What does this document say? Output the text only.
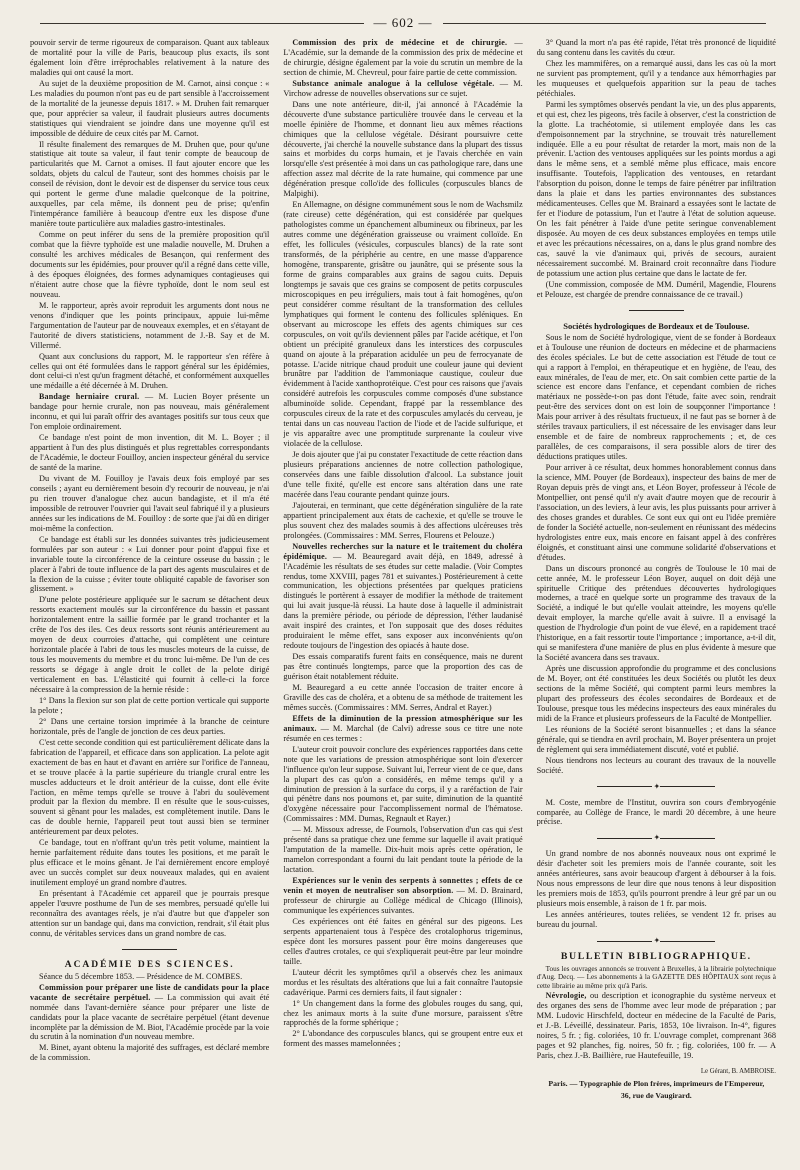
— 602 —

pouvoir servir de terme rigoureux de comparaison. Quant aux tableaux de mortalité pour la ville de Paris, beaucoup plus exacts, ils sont également loin d'être irréprochables relativement à la nature des maladies qui ont causé la mort.

Au sujet de la deuxième proposition de M. Carnot, ainsi conçue : « Les maladies du poumon n'ont pas eu de part sensible à l'accroissement de la mortalité de la jeunesse depuis 1817. » M. Druhen fait remarquer que, pour apprécier sa valeur, il faudrait plusieurs autres documents statistiques qui viendraient se joindre dans une moyenne qu'il est impossible de déduire de ceux cités par M. Carnot.

Il résulte finalement des remarques de M. Druhen que, pour qu'une statistique ait toute sa valeur, il faut tenir compte de beaucoup de particularités que M. Carnot a omises. Il faut ajouter encore que les soldats, objets du calcul de l'auteur, sont des hommes choisis par le conseil de révision, dont le devoir est de dispenser du service tous ceux qui portent le germe d'une maladie quelconque de la poitrine, auxquelles, par cela même, ils donnent peu de prise; qu'enfin l'intempérance familière à beaucoup d'entre eux les dispose d'une manière toute particulière aux maladies gastro-intestinales.

Comme on peut inférer du sens de la première proposition qu'il combat que la fièvre typhoïde est une maladie nouvelle, M. Druhen a consulté les archives médicales de Besançon, qui renferment des documents sur les épidémies, pour prouver qu'il a régné dans cette ville, à des époques éloignées, des formes adynamiques contagieuses qui n'étaient autre chose que la fièvre typhoïde, dont le nom seul est nouveau.

M. le rapporteur, après avoir reproduit les arguments dont nous ne venons d'indiquer que les points principaux, appuie lui-même l'argumentation de l'auteur par de nouveaux exemples, et en s'étayant de l'autorité de divers statisticiens, notamment de J.-B. Say et de M. Villermé.

Quant aux conclusions du rapport, M. le rapporteur s'en réfère à celles qui ont été formulées dans le rapport général sur les épidémies, dont celui-ci n'est qu'un fragment détaché, et conformément auxquelles une médaille a été décernée à M. Druhen.

Bandage herniaire crural. — M. Lucien Boyer présente un bandage pour hernie crurale, non pas nouveau, mais généralement inconnu, et qui lui paraît offrir des avantages positifs sur tous ceux que l'on emploie ordinairement.

Ce bandage n'est point de mon invention, dit M. L. Boyer ; il appartient à l'un des plus distingués et plus regrettables correspondants de l'Académie, le docteur Fouilloy, ancien inspecteur général du service de santé de la marine.

Du vivant de M. Fouilloy je l'avais deux fois employé par ses conseils ; ayant eu dernièrement besoin d'y recourir de nouveau, je n'ai pu rien trouver d'analogue chez aucun bandagiste, et il m'a été impossible de retrouver l'ouvrier qui l'avait seul fabriqué il y a plusieurs années sur les indications de M. Fouilloy : de sorte que j'ai dû en diriger moi-même la confection.

Ce bandage est établi sur les données suivantes très judicieusement formulées par son auteur : « Lui donner pour point d'appui fixe et invariable toute la circonférence de la ceinture osseuse du bassin ; le placer à l'abri de toute influence de la part des agents musculaires et de la flexion de la cuisse ; éviter toute obliquité capable de favoriser son glissement. »

D'une pelote postérieure appliquée sur le sacrum se détachent deux ressorts exactement moulés sur la circonférence du bassin et passant horizontalement entre la saillie formée par le grand trochanter et la crête de l'os des iles. Ces deux ressorts sont réunis antérieurement au moyen de deux courroies d'attache, qui complètent une ceinture horizontale placée à l'abri de tous les muscles moteurs de la cuisse, de tous les mouvements du membre et du tronc lui-même. De l'un de ces ressorts se dégage à angle droit le collet de la pelote dirigé verticalement en bas. L'élasticité qui fournit à celle-ci la force nécessaire à la compression de la hernie réside :

1° Dans la flexion sur son plat de cette portion verticale qui supporte la pelote ;

2° Dans une certaine torsion imprimée à la branche de ceinture horizontale, près de l'angle de jonction de ces deux parties.

C'est cette seconde condition qui est particulièrement délicate dans la fabrication de l'appareil, et efficace dans son application. La pelote agit exactement de bas en haut et d'avant en arrière sur l'orifice de l'anneau, et se trouve placée à la partie supérieure du triangle crural entre les muscles adducteurs et le droit antérieur de la cuisse, dont elle évite l'action, en même temps qu'elle se trouve à l'abri du soulèvement produit par la flexion du membre. Il en résulte que le sous-cuisses, souvent si gênant pour les malades, est complètement inutile. Dans le cas de double hernie, l'appareil peut tout aussi bien se terminer antérieurement par deux pelotes.

Ce bandage, tout en n'offrant qu'un très petit volume, maintient la hernie parfaitement réduite dans toutes les positions, et me paraît le plus efficace et le moins gênant. Je l'ai dernièrement encore employé avec un succès complet sur deux nouveaux malades, qui en avaient inutilement employé un grand nombre d'autres.

En présentant à l'Académie cet appareil que je pourrais presque appeler l'œuvre posthume de l'un de ses membres, persuadé qu'elle lui reconnaîtra des avantages réels, je n'ai d'autre but que d'appeler son attention sur un bandage qui, dans ma conviction, rendrait, s'il était plus connu, de véritables services dans un grand nombre de cas.

ACADÉMIE DES SCIENCES.

Séance du 5 décembre 1853. — Présidence de M. COMBES.

Commission pour préparer une liste de candidats pour la place vacante de secrétaire perpétuel. — La commission qui avait été nommée dans l'avant-dernière séance pour préparer une liste de candidats pour la place vacante de secrétaire perpétuel (étant devenue incomplète par la démission de M. Biot, l'Académie procède par la voie du scrutin à la nomination d'un nouveau membre.

M. Binet, ayant obtenu la majorité des suffrages, est déclaré membre de la commission.

Commission des prix de médecine et de chirurgie. — L'Académie, sur la demande de la commission des prix de médecine et de chirurgie, désigne également par la voie du scrutin un membre de la section de chimie, M. Chevreul, pour faire partie de cette commission.

Substance animale analogue à la cellulose végétale. — M. Virchow adresse de nouvelles observations sur ce sujet.

Dans une note antérieure, dit-il, j'ai annoncé à l'Académie la découverte d'une substance particulière trouvée dans le cerveau et la moelle épinière de l'homme, et donnant lieu aux mêmes réactions chimiques que la cellulose végétale. Désirant poursuivre cette découverte, j'ai cherché la nouvelle substance dans la plupart des tissus sains et morbides du corps humain, et je l'avais cherchée en vain lorsqu'elle s'est présentée à moi dans un cas pathologique rare, dans une affection assez mal décrite de la rate humaine, qui commence par une dégénération presque collo'ide des follicules (corpuscules blancs de Malpighi).

En Allemagne, on désigne communément sous le nom de Wachsmilz (rate cireuse) cette dégénération, qui est considérée par quelques pathologistes comme un épanchement albumineux ou fibrineux, par les autres comme une dégénération graisseuse ou vraiment colloïde. En effet, les follicules (vésicules, corpuscules blancs) de la rate sont transformés, de la périphérie au centre, en une masse d'apparence homogène, transparente, grisâtre ou jaunâtre, qui se présente sous la forme de grains comparables aux grains de sagou cuits. Depuis longtemps je savais que ces grains se composent de petits corpuscules microscopiques en peu irréguliers, mais tout à fait homogènes, qu'on peut considérer comme résultant de la transformation des cellules lymphatiques qui forment le contenu des follicules spléniques. En observant au microscope les effets des agents chimiques sur ces corpuscules, on voit qu'ils deviennent pâles par l'acide acétique, et l'on obtient un précipité granuleux dans les interstices des corpuscules quand on ajoute à la préparation acidulée un peu de ferrocyanate de potasse. L'acide nitrique chaud produit une couleur jaune qui devient brunâtre par l'addition de l'ammoniaque caustique, couleur due évidemment à l'acide xanthoprotéique. C'est pour ces raisons que j'avais considéré autrefois les corpuscules comme composés d'une substance albuminoïde solide. Cependant, frappé par la ressemblance des corpuscules cireux de la rate et des corpuscules amylacés du cerveau, je tentai dans un cas nouveau l'action de l'iode et de l'acide sulfurique, et je vis apparaître avec une promptitude surprenante la couleur vive violacée de la cellulose.

Je dois ajouter que j'ai pu constater l'exactitude de cette réaction dans plusieurs préparations anciennes de notre collection pathologique, conservées dans une faible dissolution d'alcool. La substance jouit d'une telle fixité, qu'elle est encore sans altération dans une rate macérée dans l'eau courante pendant quinze jours.

J'ajouterai, en terminant, que cette dégénération singulière de la rate appartient principalement aux états de cachexie, et qu'elle se trouve le plus souvent chez des malades soumis à des affections ulcéreuses très prolongées. (Commissaires : MM. Serres, Flourens et Pelouze.)

Nouvelles recherches sur la nature et le traitement du choléra épidémique. — M. Beauregard avait déjà, en 1849, adressé à l'Académie les résultats de ses études sur cette maladie. (Voir Comptes rendus, tome XXVIII, pages 781 et suivantes.) Postérieurement à cette communication, les objections présentées par quelques praticiens distingués le portèrent à essayer de modifier la méthode de traitement qui lui avait jusque-là réussi. La haute dose à laquelle il administrait dans la première période, ou période de dépression, l'éther laudanisé avait inspiré des craintes, et l'on supposait que des doses réduites produiraient le même effet, sans exposer aux inconvénients qu'on redoute toujours de l'ingestion des opiacés à haute dose.

Des essais comparatifs furent faits en conséquence, mais ne durent pas être continués longtemps, parce que la proportion des cas de guérison était notablement réduite.

M. Beauregard a eu cette année l'occasion de traiter encore à Graville des cas de choléra, et a obtenu de sa méthode de traitement les mêmes succès. (Commissaires : MM. Serres, Andral et Rayer.)

Effets de la diminution de la pression atmosphérique sur les animaux. — M. Marchal (de Calvi) adresse sous ce titre une note résumée en ces termes :

L'auteur croit pouvoir conclure des expériences rapportées dans cette note que les variations de pression atmosphérique sont loin d'exercer l'influence qu'on leur suppose. Suivant lui, l'erreur vient de ce que, dans la plupart des cas qu'on a considérés, en même temps qu'il y a diminution de pression à la surface du corps, il y a raréfaction de l'air qui pénètre dans nos poumons et, par suite, diminution de la quantité d'oxygène nécessaire pour l'accomplissement normal de l'hématose. (Commissaires : MM. Dumas, Regnault et Rayer.)

— M. Missoux adresse, de Fournols, l'observation d'un cas qui s'est présenté dans sa pratique chez une femme sur laquelle il avait pratiqué l'amputation de la mamelle. Dix-huit mois après cette opération, le mamelon correspondant a fourni du lait pendant toute la période de la lactation.

Expériences sur le venin des serpents à sonnettes ; effets de ce venin et moyen de neutraliser son absorption. — M. D. Brainard, professeur de chirurgie au Collège médical de Chicago (Illinois), communique les expériences suivantes.

Ces expériences ont été faites en général sur des pigeons. Les serpents appartenaient tous à l'espèce des crotalophorus trigeminus, espèce dont les morsures passent pour être moins dangereuses que celles d'autres crotales, ce qui s'expliquerait peut-être par leur moindre taille.

L'auteur décrit les symptômes qu'il a observés chez les animaux mordus et les résultats des altérations que lui a fait connaître l'autopsie cadavérique. Parmi ces derniers faits, il faut signaler :

1° Un changement dans la forme des globules rouges du sang, qui, chez les animaux morts à la suite d'une morsure, paraissent s'être rapprochés de la forme sphérique ;

2° L'abondance des corpuscules blancs, qui se groupent entre eux et forment des masses mamelonnées ;

3° Quand la mort n'a pas été rapide, l'état très prononcé de liquidité du sang contenu dans les cavités du cœur.

Chez les mammifères, on a remarqué aussi, dans les cas où la mort ne survient pas promptement, qu'il y a tendance aux hémorrhagies par les muqueuses et quelquefois apparition sur la peau de taches pétéchiales.

Parmi les symptômes observés pendant la vie, un des plus apparents, et qui est, chez les pigeons, très facile à observer, c'est la constriction de la glotte. La trachéotomie, si utilement employée dans les cas d'empoisonnement par la strychnine, se trouvait très naturellement indiquée. Elle a eu pour résultat de retarder la mort, mais non de la prévenir. L'action des ventouses appliquées sur les points mordus a agi dans le même sens, et a semblé même plus efficace, mais encore insuffisante. Toutefois, l'application des ventouses, en retardant l'absorption du poison, donne le temps de faire pénétrer par infiltration dans la plaie et dans les parties environnantes des substances médicamenteuses. Celles que M. Brainard a essayées sont le lactate de fer et l'iodure de potassium, l'un et l'autre à l'état de solution aqueuse. On les fait pénétrer à l'aide d'une petite seringue convenablement disposée. Au moyen de ces deux substances employées en temps utile et avec les précautions nécessaires, on a, dans le plus grand nombre des cas, sauvé la vie d'animaux qui, privés de secours, auraient nécessairement succombé. M. Brainard croit reconnaître dans l'iodure de potassium une action plus certaine que dans le lactate de fer.

(Une commission, composée de MM. Duméril, Magendie, Flourens et Pelouze, est chargée de prendre connaissance de ce travail.)

Sociétés hydrologiques de Bordeaux et de Toulouse.

Sous le nom de Société hydrologique, vient de se fonder à Bordeaux et à Toulouse une réunion de docteurs en médecine et de pharmaciens des écoles spéciales. Le but de cette association est l'étude de tout ce qui a rapport à l'emploi, en thérapeutique et en hygiène, de l'eau, des eaux minérales, de l'eau de mer, etc. On sait combien cette partie de la science est encore dans l'enfance, et cependant combien de riches matériaux ne possède-t-on pas dont l'étude, faite avec soin, rendrait peut-être des services dont on est loin de soupçonner l'importance ! Mais pour arriver à des résultats fructueux, il ne faut pas se borner à de stériles travaux particuliers, il est nécessaire de les envisager dans leur ensemble et de faire de nombreux rapprochements ; et, de ces parallèles, de ces comparaisons, il sera possible alors de tirer des déductions pratiques utiles.

Pour arriver à ce résultat, deux hommes honorablement connus dans la science, MM. Pouyer (de Bordeaux), inspecteur des bains de mer de Royan depuis près de vingt ans, et Léon Boyer, professeur à l'école de Montpellier, ont pensé qu'il n'y avait d'autre moyen que de recourir à l'association, un des leviers, à leur avis, les plus puissants pour arriver à des choses grandes et durables. Ce sont eux qui ont eu l'idée première de fonder la Société actuelle, non-seulement en réunissant des médecins hydrologistes entre eux, mais encore en faisant appel à des confrères éloignés, et constituant ainsi une commune solidarité d'observations et d'études.

Dans un discours prononcé au congrès de Toulouse le 10 mai de cette année, M. le professeur Léon Boyer, auquel on doit déjà une spirituelle Critique des prétendues découvertes hydrologiques modernes, a tracé en quelque sorte un programme des travaux de la Société, a indiqué le but qu'elle voulait atteindre, les moyens qu'elle devait employer, la marche qu'elle avait à suivre. Il a envisagé la question de l'hydrologie d'un point de vue élevé, en a rapidement tracé l'historique, en a fait ressortir toute l'importance ; importance, a-t-il dit, qui se manifestera d'une manière de plus en plus évidente à mesure que la Société avancera dans ses travaux.

Après une discussion approfondie du programme et des conclusions de M. Boyer, ont été constituées les deux Sociétés ou plutôt les deux sections de la même Société, qui comptent parmi leurs membres la plupart des professeurs des écoles secondaires de Bordeaux et de Toulouse, presque tous les médecins inspecteurs des eaux minérales du midi de la France et plusieurs professeurs de la Faculté de Montpellier.

Les réunions de la Société seront bisannuelles ; et dans la séance générale, qui se tiendra en avril prochain, M. Boyer présentera un projet de règlement qui sera immédiatement discuté, voté et publié.

Nous tiendrons nos lecteurs au courant des travaux de la nouvelle Société.

✦

M. Coste, membre de l'Institut, ouvrira son cours d'embryogénie comparée, au Collège de France, le mardi 20 décembre, à une heure précise.

✦

Un grand nombre de nos abonnés nouveaux nous ont exprimé le désir d'acheter soit les premiers mois de l'année courante, soit les années antérieures, sans avoir beaucoup d'argent à débourser à la fois. Nous nous empressons de leur dire que nous tenons à leur disposition les premiers mois de 1853, qu'ils pourront prendre à leur gré par un ou plusieurs mois ensemble, à raison de 1 fr. par mois.

Les années antérieures, toutes reliées, se vendent 12 fr. prises au bureau du journal.

✦
BULLETIN BIBLIOGRAPHIQUE.

Tous les ouvrages annoncés se trouvent à Bruxelles, à la librairie polytechnique d'Aug. Decq. — Les abonnements à la GAZETTE DES HÔPITAUX sont reçus à cette librairie au même prix qu'à Paris.

Névrologie, ou description et iconographie du système nerveux et des organes des sens de l'homme avec leur mode de préparation ; par MM. Ludovic Hirschfeld, docteur en médecine de la Faculté de Paris, et J.-B. Léveillé, dessinateur. Paris, 1853, 10e livraison. In-4°, figures noires, 5 fr. ; fig. coloriées, 10 fr. L'ouvrage complet, comprenant 368 pages et 92 planches, fig. noires, 50 fr. ; fig. coloriées, 100 fr. — A Paris, chez J.-B. Baillière, rue Hautefeuille, 19.

Le Gérant, B. AMBROISE.
Paris. — Typographie de Plon frères, imprimeurs de l'Empereur,
36, rue de Vaugirard.
